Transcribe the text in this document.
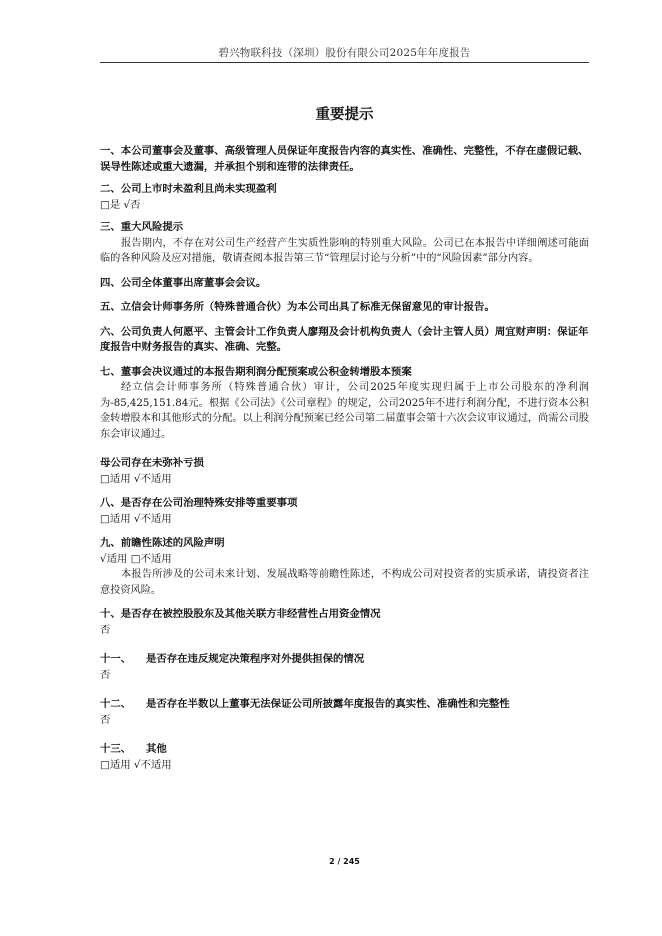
碧兴物联科技（深圳）股份有限公司2025年年度报告
重要提示
一、本公司董事会及董事、高级管理人员保证年度报告内容的真实性、准确性、完整性，不存在虚假记载、误导性陈述或重大遗漏，并承担个别和连带的法律责任。
二、公司上市时未盈利且尚未实现盈利
□是 √否
三、重大风险提示
报告期内，不存在对公司生产经营产生实质性影响的特别重大风险。公司已在本报告中详细阐述可能面临的各种风险及应对措施，敬请查阅本报告第三节“管理层讨论与分析”中的“风险因素”部分内容。
四、公司全体董事出席董事会会议。
五、立信会计师事务所（特殊普通合伙）为本公司出具了标准无保留意见的审计报告。
六、公司负责人何愿平、主管会计工作负责人廖翔及会计机构负责人（会计主管人员）周宜财声明：保证年度报告中财务报告的真实、准确、完整。
七、董事会决议通过的本报告期利润分配预案或公积金转增股本预案
经立信会计师事务所（特殊普通合伙）审计，公司2025年度实现归属于上市公司股东的净利润为-85,425,151.84元。根据《公司法》《公司章程》的规定，公司2025年不进行利润分配，不进行资本公积金转增股本和其他形式的分配。以上利润分配预案已经公司第二届董事会第十六次会议审议通过，尚需公司股东会审议通过。
母公司存在未弥补亏损
□适用 √不适用
八、是否存在公司治理特殊安排等重要事项
□适用 √不适用
九、前瞻性陈述的风险声明
√适用 □不适用
本报告所涉及的公司未来计划、发展战略等前瞻性陈述，不构成公司对投资者的实质承诺，请投资者注意投资风险。
十、是否存在被控股股东及其他关联方非经营性占用资金情况
否
十一、 是否存在违反规定决策程序对外提供担保的情况
否
十二、 是否存在半数以上董事无法保证公司所披露年度报告的真实性、准确性和完整性
否
十三、 其他
□适用 √不适用
2 / 245
